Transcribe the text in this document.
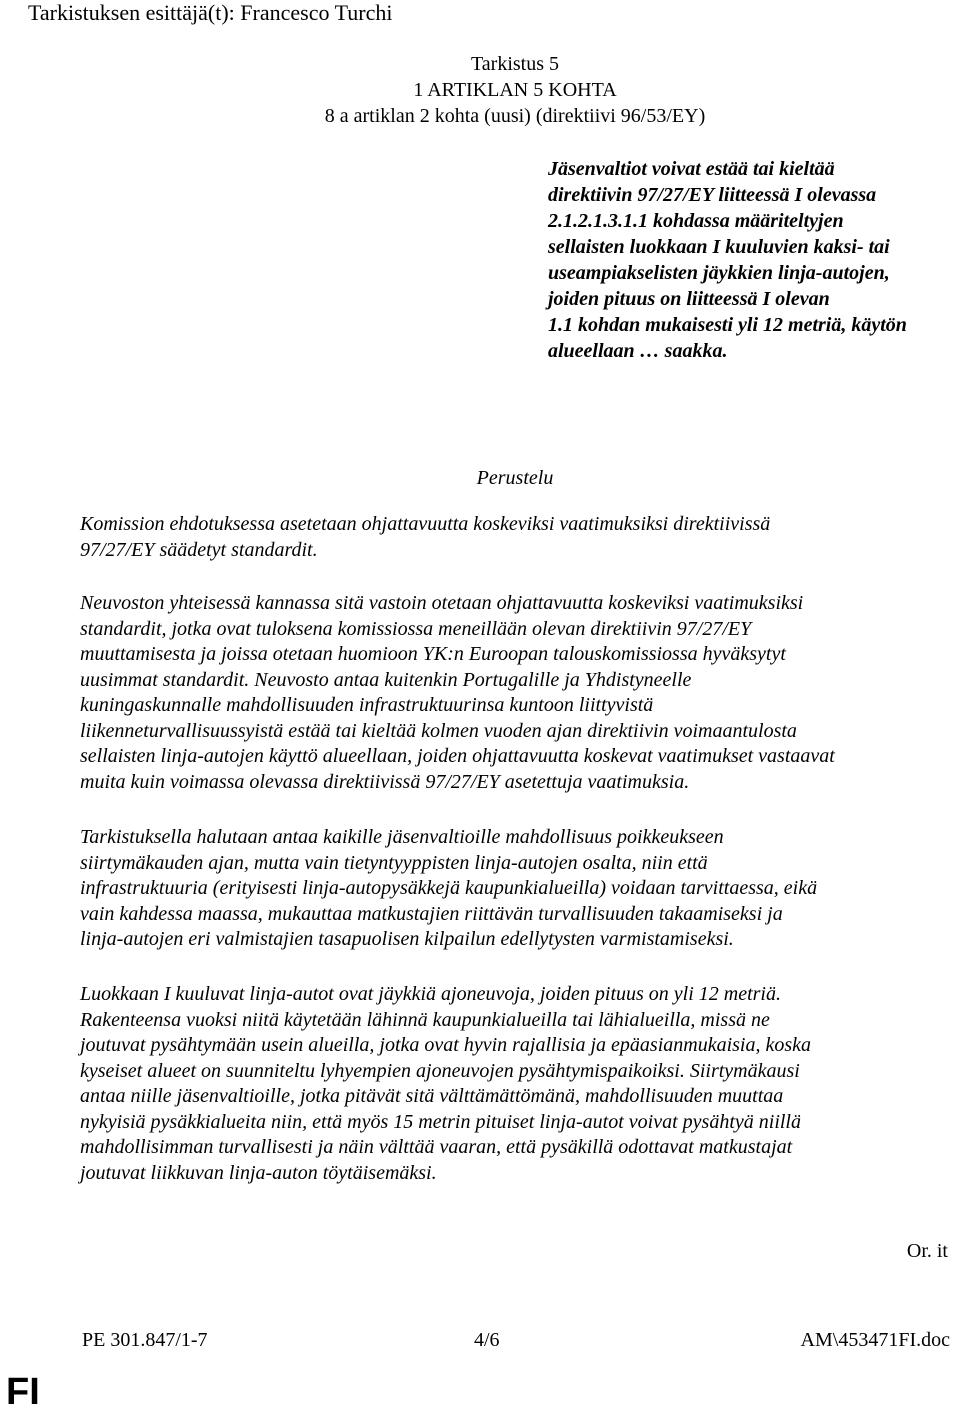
Tarkistuksen esittäjä(t): Francesco Turchi
Tarkistus 5
1 ARTIKLAN 5 KOHTA
8 a artiklan 2 kohta (uusi) (direktiivi 96/53/EY)
Jäsenvaltiot voivat estää tai kieltää
direktiivin 97/27/EY liitteessä I olevassa
2.1.2.1.3.1.1 kohdassa määriteltyjen
sellaisten luokkaan I kuuluvien kaksi- tai
useampiakselisten jäykkien linja-autojen,
joiden pituus on liitteessä I olevan
1.1 kohdan mukaisesti yli 12 metriä, käytön
alueellaan … saakka.
Perustelu
Komission ehdotuksessa asetetaan ohjattavuutta koskeviksi vaatimuksiksi direktiivissä
97/27/EY säädetyt standardit.
Neuvoston yhteisessä kannassa sitä vastoin otetaan ohjattavuutta koskeviksi vaatimuksiksi
standardit, jotka ovat tuloksena komissiossa meneillään olevan direktiivin 97/27/EY
muuttamisesta ja joissa otetaan huomioon YK:n Euroopan talouskomissiossa hyväksytyt
uusimmat standardit. Neuvosto antaa kuitenkin Portugalille ja Yhdistyneelle
kuningaskunnalle mahdollisuuden infrastruktuurinsa kuntoon liittyvistä
liikenneturvallisuussyistä estää tai kieltää kolmen vuoden ajan direktiivin voimaantulosta
sellaisten linja-autojen käyttö alueellaan, joiden ohjattavuutta koskevat vaatimukset vastaavat
muita kuin voimassa olevassa direktiivissä 97/27/EY asetettuja vaatimuksia.
Tarkistuksella halutaan antaa kaikille jäsenvaltioille mahdollisuus poikkeukseen
siirtymäkauden ajan, mutta vain tietyntyyppisten linja-autojen osalta, niin että
infrastruktuuria (erityisesti linja-autopysäkkejä kaupunkialueilla) voidaan tarvittaessa, eikä
vain kahdessa maassa, mukauttaa matkustajien riittävän turvallisuuden takaamiseksi ja
linja-autojen eri valmistajien tasapuolisen kilpailun edellytysten varmistamiseksi.
Luokkaan I kuuluvat linja-autot ovat jäykkiä ajoneuvoja, joiden pituus on yli 12 metriä.
Rakenteensa vuoksi niitä käytetään lähinnä kaupunkialueilla tai lähialueilla, missä ne
joutuvat pysähtymään usein alueilla, jotka ovat hyvin rajallisia ja epäasianmukaisia, koska
kyseiset alueet on suunniteltu lyhyempien ajoneuvojen pysähtymispaikoiksi. Siirtymäkausi
antaa niille jäsenvaltioille, jotka pitävät sitä välttämättömänä, mahdollisuuden muuttaa
nykyisiä pysäkkialueita niin, että myös 15 metrin pituiset linja-autot voivat pysähtyä niillä
mahdollisimman turvallisesti ja näin välttää vaaran, että pysäkillä odottavat matkustajat
joutuvat liikkuvan linja-auton töytäisemäksi.
Or. it
PE 301.847/1-7	4/6	AM\453471FI.doc
FI
